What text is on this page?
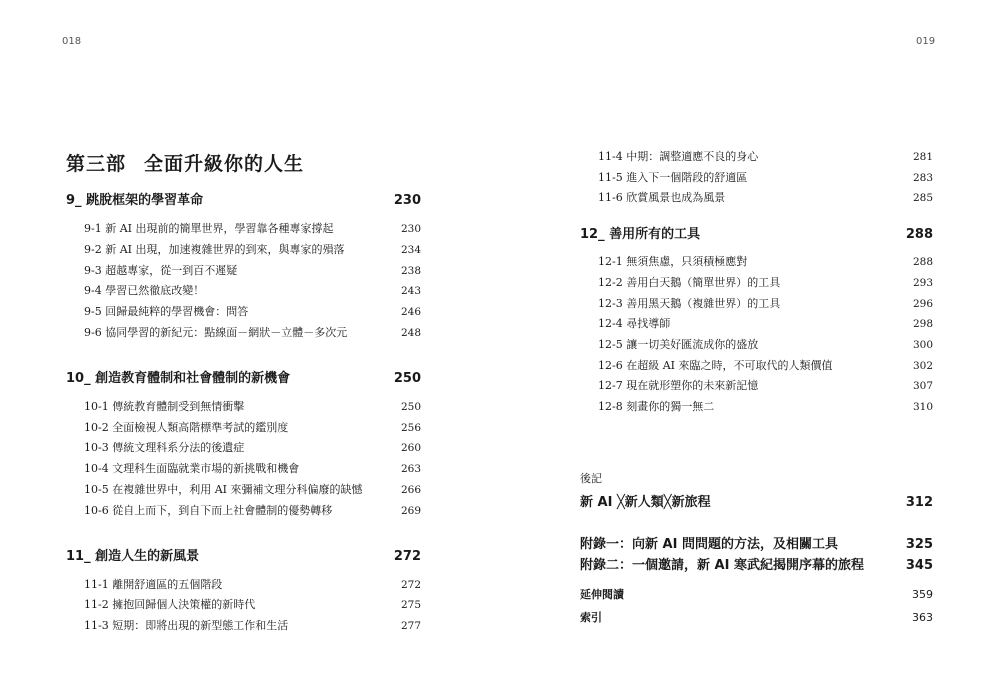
018	019
第三部 全面升級你的人生
9_ 跳脫框架的學習革命	230
9-1 新 AI 出現前的簡單世界，學習靠各種專家撐起	230
9-2 新 AI 出現，加速複雜世界的到來，與專家的殞落	234
9-3 超越專家，從一到百不遲疑	238
9-4 學習已然徹底改變！	243
9-5 回歸最純粹的學習機會：問答	246
9-6 協同學習的新紀元：點線面－網狀－立體－多次元	248
10_ 創造教育體制和社會體制的新機會	250
10-1 傳統教育體制受到無情衝擊	250
10-2 全面檢視人類高階標準考試的鑑別度	256
10-3 傳統文理科系分法的後遺症	260
10-4 文理科生面臨就業市場的新挑戰和機會	263
10-5 在複雜世界中，利用 AI 來彌補文理分科偏廢的缺憾	266
10-6 從自上而下，到自下而上社會體制的優勢轉移	269
11_ 創造人生的新風景	272
11-1 離開舒適區的五個階段	272
11-2 擁抱回歸個人決策權的新時代	275
11-3 短期：即將出現的新型態工作和生活	277
11-4 中期：調整適應不良的身心	281
11-5 進入下一個階段的舒適區	283
11-6 欣賞風景也成為風景	285
12_ 善用所有的工具	288
12-1 無須焦慮，只須積極應對	288
12-2 善用白天鵝（簡單世界）的工具	293
12-3 善用黑天鵝（複雜世界）的工具	296
12-4 尋找導師	298
12-5 讓一切美好匯流成你的盛放	300
12-6 在超級 AI 來臨之時，不可取代的人類價值	302
12-7 現在就形塑你的未來新記憶	307
12-8 刻畫你的獨一無二	310
後記
新 AI ╳新人類╳新旅程	312
附錄一：向新 AI 問問題的方法，及相關工具	325
附錄二：一個邀請，新 AI 寒武紀揭開序幕的旅程	345
延伸閱讀	359
索引	363
